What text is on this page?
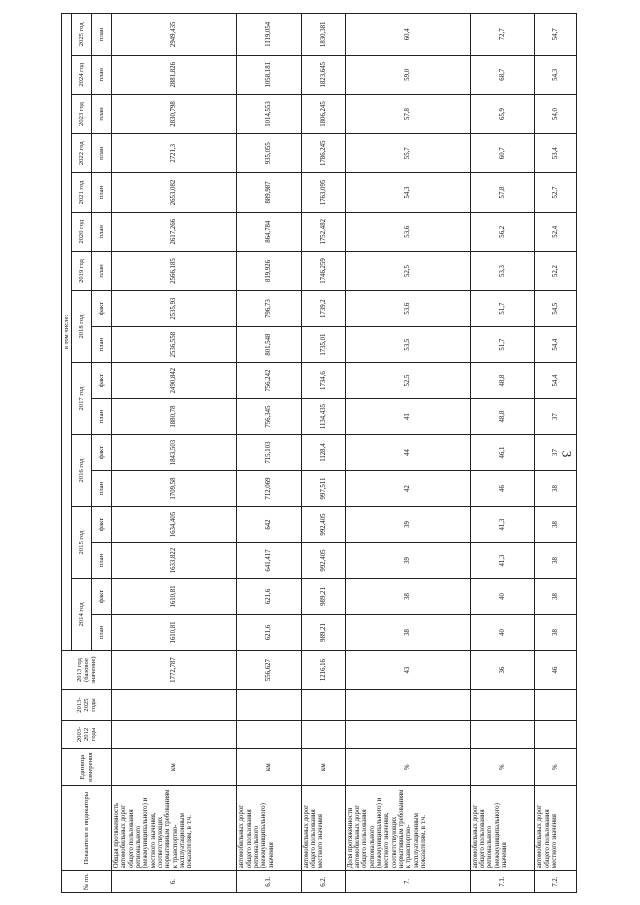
3
№ пп.	Показатели и индикаторы	Единица измерения	2003-2012 годы	2013-2025 годы	2013 год (базовое значение)	в том числе:																
						2014 год		2015 год		2016 год		2017 год		2018 год		2019 год	2020 год	2021 год	2022 год	2023 год	2024 год	2025 год
						план	факт	план	факт	план	факт	план	факт	план	факт	план	план	план	план	план	план	план
6.	Общая протяженность автомобильных дорог общего пользования регионального (межмуниципального) и местного значения, соответствующих нормативным требованиям к транспортно-эксплуатационным показателям, в т.ч.	км			1772,787	1610,81	1610,81	1633,822	1634,405	1709,58	1843,503	1880,78	2490,842	2536,558	2535,93	2566,185	2617,266	2653,082	2721,3	2830,798	2881,826	2949,435
6.1.	автомобильных дорог общего пользования регионального (межмуниципального) значения	км			556,627	621,6	621,6	641,417	642	712,069	715,103	756,345	756,242	801,548	796,73	819,926	864,784	889,987	935,055	1014,553	1058,181	1119,054
6.2.	автомобильных дорог общего пользования местного значения	км			1216,16	989,21	989,21	992,405	992,405	997,511	1128,4	1134,435	1734,6	1735,01	1739,2	1746,259	1752,482	1763,095	1786,245	1806,245	1823,645	1830,381
7.	Доля протяженности автомобильных дорог общего пользования регионального (межмуниципального) и местного значения, соответствующих нормативным требованиям к транспортно-эксплуатационным показателям, в т.ч.	%			43	38	38	39	39	42	44	41	52,5	53,5	53,6	52,5	53,6	54,3	55,7	57,8	59,0	60,4
7.1.	автомобильных дорог общего пользования регионального (межмуниципального) значения	%			36	40	40	41,3	41,3	46	46,1	48,8	48,8	51,7	51,7	53,3	56,2	57,8	60,7	65,9	68,7	72,7
7.2.	автомобильных дорог общего пользования местного значения	%			46	38	38	38	38	38	37	37	54,4	54,4	54,5	52,2	52,4	52,7	53,4	54,0	54,3	54,7
